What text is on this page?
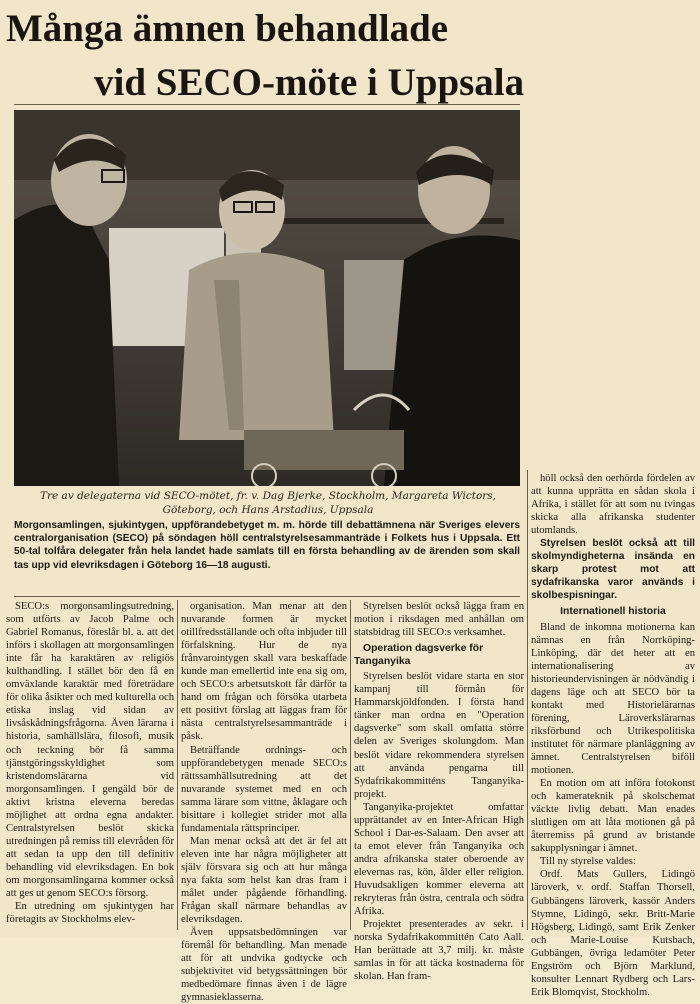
Många ämnen behandlade
vid SECO-möte i Uppsala
Tre av delegaterna vid SECO-mötet, fr. v. Dag Bjerke, Stockholm, Margareta Wictors, Göteborg, och Hans Arstadius, Uppsala
Morgonsamlingen, sjukintygen, uppförandebetyget m. m. hörde till debattämnena när Sveriges elevers centralorganisation (SECO) på söndagen höll centralstyrelsesammanträde i Folkets hus i Uppsala. Ett 50-tal tolfåra delegater från hela landet hade samlats till en första behandling av de ärenden som skall tas upp vid elevriksdagen i Göteborg 16—18 augusti.

SECO:s morgonsamlingsutredning, som utförts av Jacob Palme och Gabriel Romanus, föreslår bl. a. att det införs i skollagen att morgonsamlingen inte får ha karaktären av religiös kulthandling. I stället bör den få en omväxlande karaktär med företrädare för olika åsikter och med kulturella och etiska inslag vid sidan av livsåskådningsfrågorna. Även lärarna i historia, samhällslära, filosofi, musik och teckning bör få samma tjänstgöringsskyldighet som kristendomslärarna vid morgonsamlingen. I gengäld bör de aktivt kristna eleverna beredas möjlighet att ordna egna andakter. Centralstyrelsen beslöt skicka utredningen på remiss till elevråden för att sedan ta upp den till definitiv behandling vid elevriksdagen. En bok om morgonsamlingarna kommer också att ges ut genom SECO:s försorg.

En utredning om sjukintygen har företagits av Stockholms elev-

organisation. Man menar att den nuvarande formen är mycket otillfredsställande och ofta inbjuder till förfalskning. Hur de nya frånvarointygen skall vara beskaffade kunde man emellertid inte ena sig om, och SECO:s arbetsutskott får därför ta hand om frågan och försöka utarbeta ett positivt förslag att läggas fram för nästa centralstyrelsesammanträde i påsk.

Beträffande ordnings- och uppförandebetygen menade SECO:s rättssamhällsutredning att det nuvarande systemet med en och samma lärare som vittne, åklagare och bisittare i kollegiet strider mot alla fundamentala rättsprinciper.

Man menar också att det är fel att eleven inte har några möjligheter att själv försvara sig och att hur många nya fakta som helst kan dras fram i målet under pågående förhandling. Frågan skall närmare behandlas av elevriksdagen.

Även uppsatsbedömningen var föremål för behandling. Man menade att för att undvika godtycke och subjektivitet vid betygssättningen bör medbedömare finnas även i de lägre gymnasieklasserna.

Styrelsen beslöt också lägga fram en motion i riksdagen med anhållan om statsbidrag till SECO:s verksamhet.

Operation dagsverke för Tanganyika

Styrelsen beslöt vidare starta en stor kampanj till förmån för Hammarskjöldfonden. I första hand tänker man ordna en "Operation dagsverke" som skall omfatta större delen av Sveriges skolungdom. Man beslöt vidare rekommendera styrelsen att använda pengarna till Sydafrikakommitténs Tanganyika-projekt.

Tanganyika-projektet omfattar upprättandet av en Inter-African High School i Dar-es-Salaam. Den avser att ta emot elever från Tanganyika och andra afrikanska stater oberoende av elevernas ras, kön, ålder eller religion. Huvudsakligen kommer eleverna att rekryteras från östra, centrala och södra Afrika.

Projektet presenterades av sekr. i norska Sydafrikakommittén Cato Aall. Han berättade att 3,7 milj. kr. måste samlas in för att täcka kostnaderna för skolan. Han fram-

höll också den oerhörda fördelen av att kunna upprätta en sådan skola i Afrika, i stället för att som nu tvingas skicka alla afrikanska studenter utomlands.

Styrelsen beslöt också att till skolmyndigheterna insända en skarp protest mot att sydafrikanska varor används i skolbespisningar.

Internationell historia

Bland de inkomna motionerna kan nämnas en från Norrköping-Linköping, där det heter att en internationalisering av historieundervisningen är nödvändig i dagens läge och att SECO bör ta kontakt med Historielärarnas förening, Läroverkslärarnas riksförbund och Utrikespolitiska institutet för närmare planläggning av ämnet. Centralstyrelsen biföll motionen.

En motion om att införa fotokonst och kamerateknik på skolschemat väckte livlig debatt. Man enades slutligen om att låta motionen gå på återremiss på grund av bristande sakupplysningar i ämnet.

Till ny styrelse valdes:

Ordf. Mats Gullers, Lidingö läroverk, v. ordf. Staffan Thorsell, Gubbängens läroverk, kassör Anders Stymne, Lidingö, sekr. Britt-Marie Högsberg, Lidingö, samt Erik Zenker och Marie-Louise Kutsbach, Gubbängen, övriga ledamöter Peter Engström och Björn Marklund, konsulter Lennart Rydberg och Lars-Erik Blomqvist, Stockholm.
